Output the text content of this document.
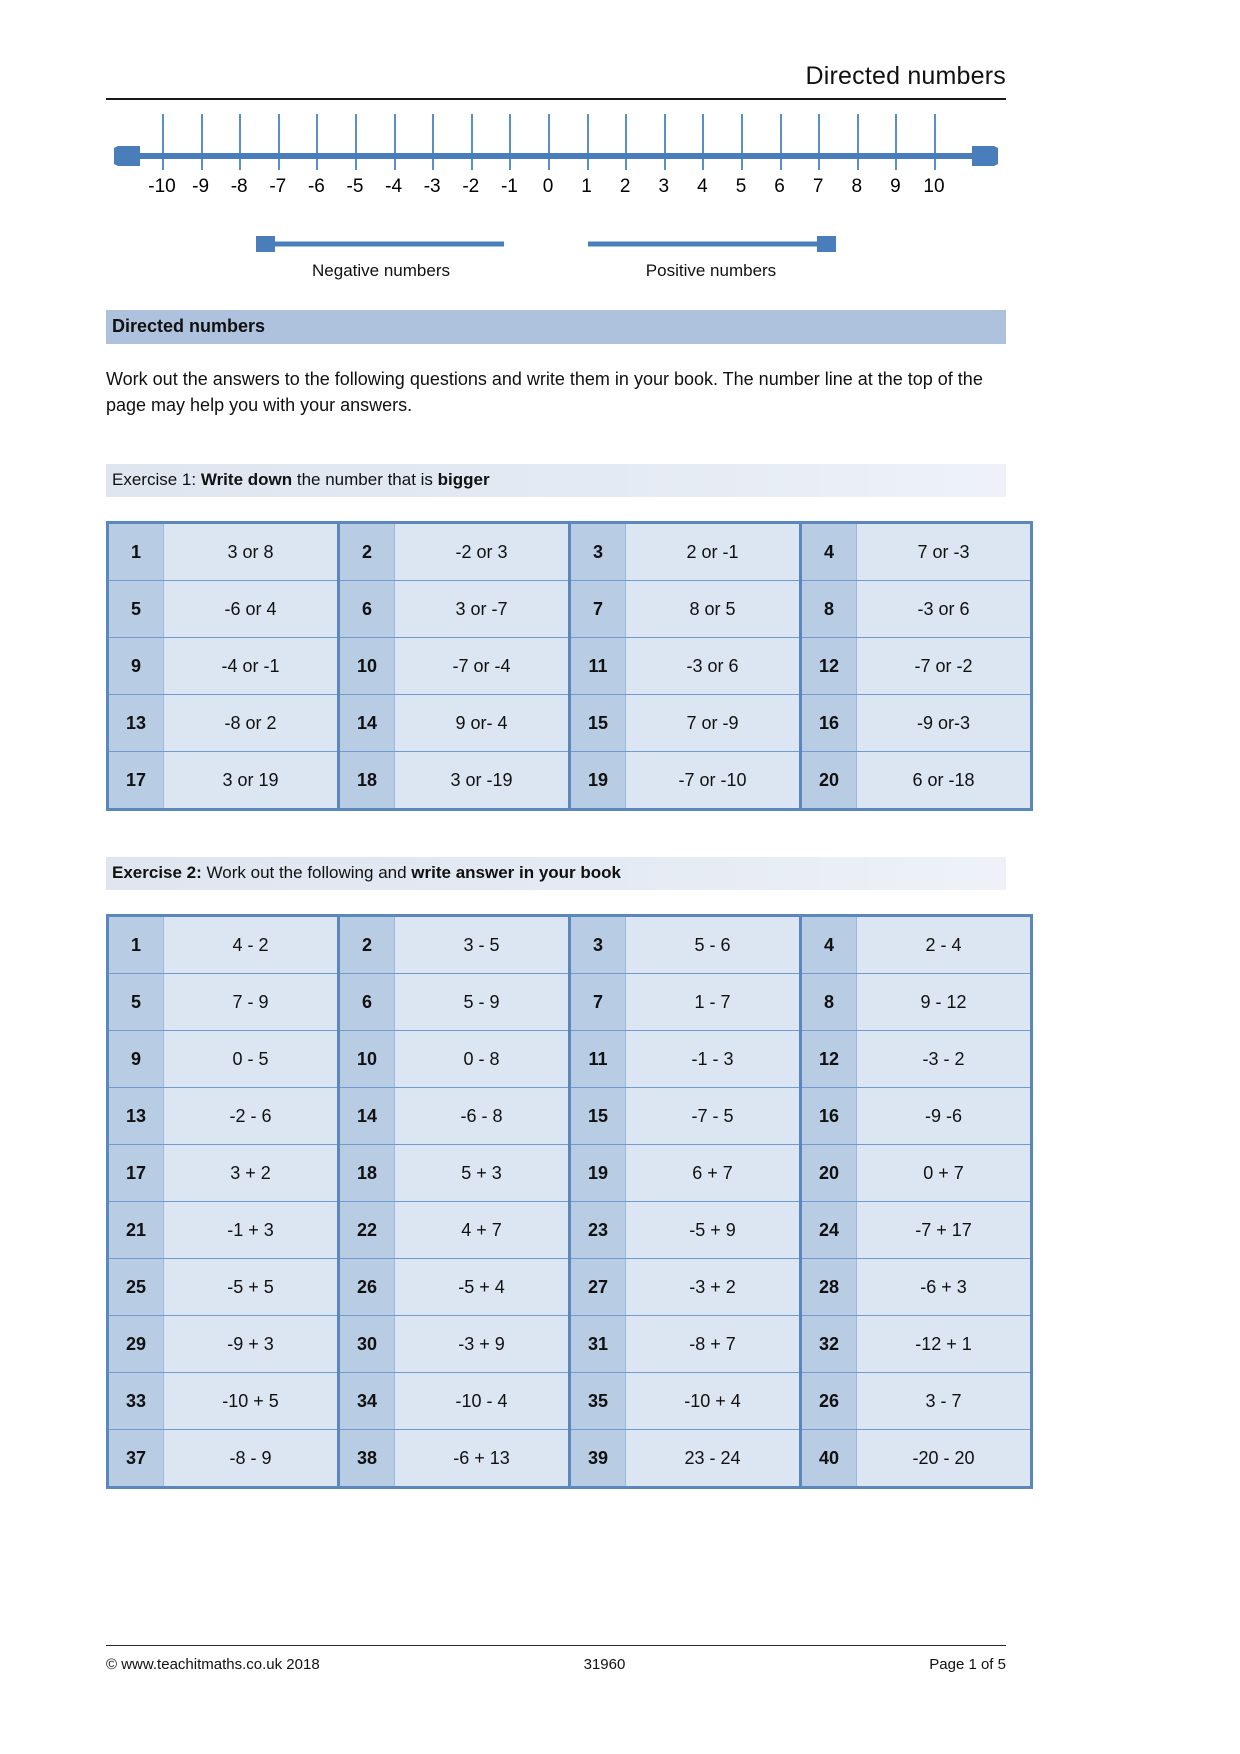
Directed numbers
-10 -9	-8	-7	-6	-5	-4	-3	-2	-1	0	1	2	3	4	5	6	7	8	9	10
Negative numbers	Positive numbers
Directed numbers
Work out the answers to the following questions and write them in your book. The number line at the top of the page may help you with your answers.
Exercise 1: Write down the number that is bigger
1	3 or 8	2	-2 or 3	3	2 or -1	4	7 or -3
5	-6 or 4	6	3 or -7	7	8 or 5	8	-3 or 6
9	-4 or -1	10	-7 or -4	11	-3 or 6	12	-7 or -2
13	-8 or 2	14	9 or- 4	15	7 or -9	16	-9 or-3
17	3 or 19	18	3 or -19	19	-7 or -10	20	6 or -18
Exercise 2: Work out the following and write answer in your book
1	4 - 2	2	3 - 5	3	5 - 6	4	2 - 4
5	7 - 9	6	5 - 9	7	1 - 7	8	9 - 12
9	0 - 5	10	0 - 8	11	-1 - 3	12	-3 - 2
13	-2 - 6	14	-6 - 8	15	-7 - 5	16	-9 -6
17	3 + 2	18	5 + 3	19	6 + 7	20	0 + 7
21	-1 + 3	22	4 + 7	23	-5 + 9	24	-7 + 17
25	-5 + 5	26	-5 + 4	27	-3 + 2	28	-6 + 3
29	-9 + 3	30	-3 + 9	31	-8 + 7	32	-12 + 1
33	-10 + 5	34	-10 - 4	35	-10 + 4	26	3 - 7
37	-8 - 9	38	-6 + 13	39	23 - 24	40	-20 - 20
© www.teachitmaths.co.uk 2018	31960	Page 1 of 5
